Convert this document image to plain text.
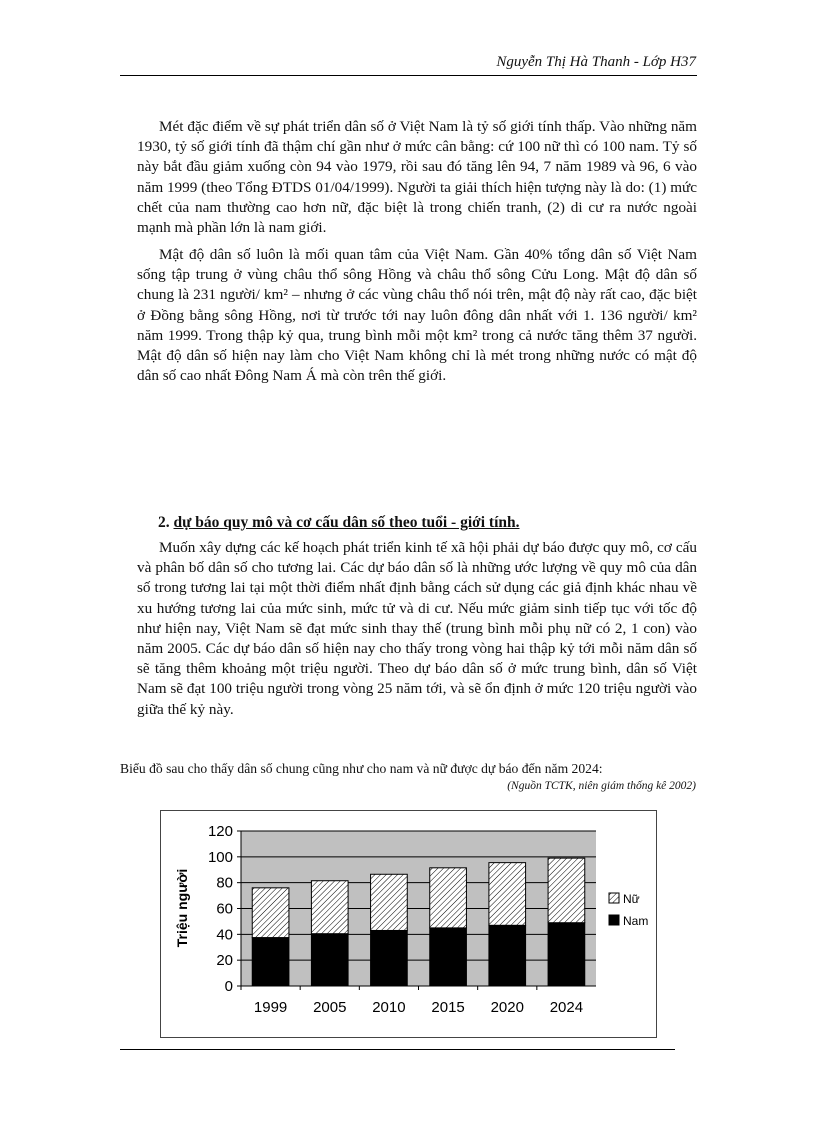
Nguyễn Thị Hà Thanh - Lớp H37

Mét đặc điểm về sự phát triển dân số ở Việt Nam là tỷ số giới tính thấp. Vào những năm 1930, tỷ số giới tính đã thậm chí gần như ở mức cân bằng: cứ 100 nữ thì có 100 nam. Tỷ số này bắt đầu giảm xuống còn 94 vào 1979, rồi sau đó tăng lên 94, 7 năm 1989 và 96, 6 vào năm 1999 (theo Tổng ĐTDS 01/04/1999). Người ta giải thích hiện tượng này là do: (1) mức chết của nam thường cao hơn nữ, đặc biệt là trong chiến tranh, (2) di cư ra nước ngoài mạnh mà phần lớn là nam giới.

Mật độ dân số luôn là mối quan tâm của Việt Nam. Gần 40% tổng dân số Việt Nam sống tập trung ở vùng châu thổ sông Hồng và châu thổ sông Cửu Long. Mật độ dân số chung là 231 người/ km² – nhưng ở các vùng châu thổ nói trên, mật độ này rất cao, đặc biệt ở Đồng bằng sông Hồng, nơi từ trước tới nay luôn đông dân nhất với 1. 136 người/ km² năm 1999. Trong thập kỷ qua, trung bình mỗi một km² trong cả nước tăng thêm 37 người. Mật độ dân số hiện nay làm cho Việt Nam không chỉ là mét trong những nước có mật độ dân số cao nhất Đông Nam Á mà còn trên thế giới.

2. dự báo quy mô và cơ cấu dân số theo tuổi - giới tính.

Muốn xây dựng các kế hoạch phát triển kinh tế xã hội phải dự báo được quy mô, cơ cấu và phân bố dân số cho tương lai. Các dự báo dân số là những ước lượng về quy mô của dân số trong tương lai tại một thời điểm nhất định bằng cách sử dụng các giả định khác nhau về xu hướng tương lai của mức sinh, mức tử và di cư. Nếu mức giảm sinh tiếp tục với tốc độ như hiện nay, Việt Nam sẽ đạt mức sinh thay thế (trung bình mỗi phụ nữ có 2, 1 con) vào năm 2005. Các dự báo dân số hiện nay cho thấy trong vòng hai thập kỷ tới mỗi năm dân số sẽ tăng thêm khoảng một triệu người. Theo dự báo dân số ở mức trung bình, dân số Việt Nam sẽ đạt 100 triệu người trong vòng 25 năm tới, và sẽ ổn định ở mức 120 triệu người vào giữa thế kỷ này.

Biểu đồ sau cho thấy dân số chung cũng như cho nam và nữ được dự báo đến năm 2024:

(Nguồn TCTK, niên giám thống kê 2002)

0
20
40
60
80
100
120
1999 2005 2010 2015 2020 2024
Triệu người	Nữ
Nam
